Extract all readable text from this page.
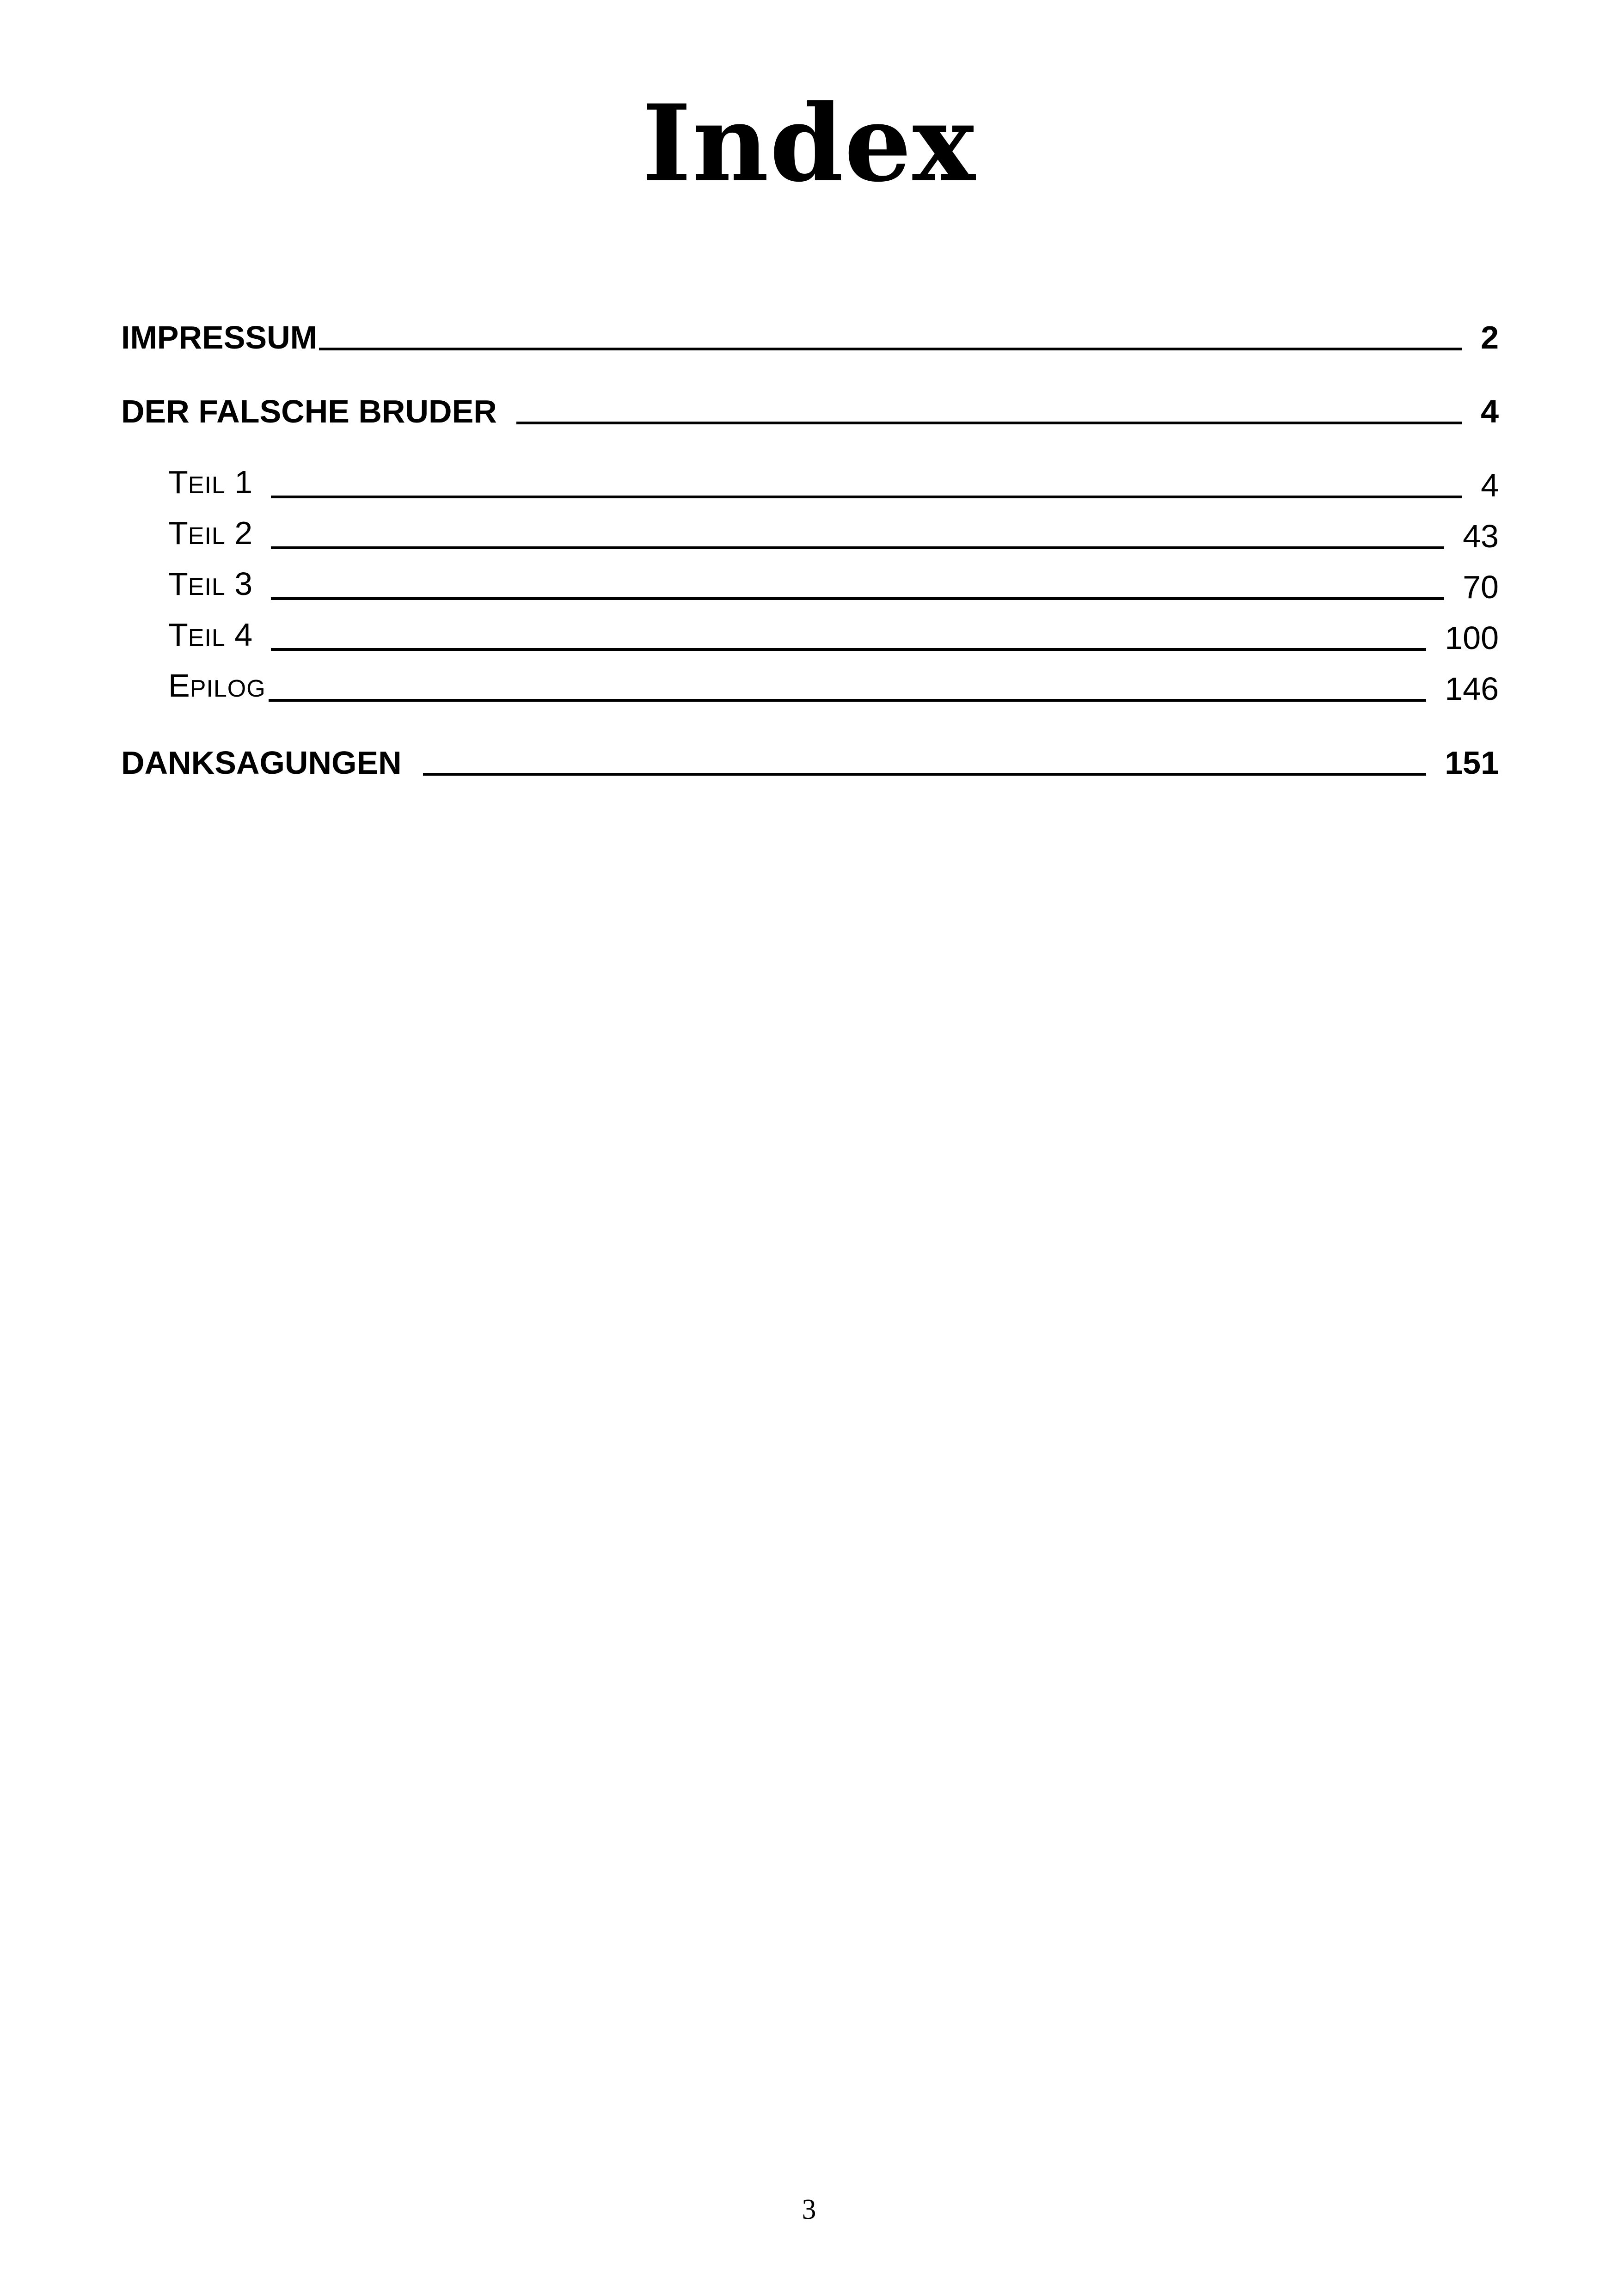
Index
IMPRESSUM	2
DER FALSCHE BRUDER	4
TEIL 1	4
TEIL 2	43
TEIL 3	70
TEIL 4	100
EPILOG	146
DANKSAGUNGEN	151
3
